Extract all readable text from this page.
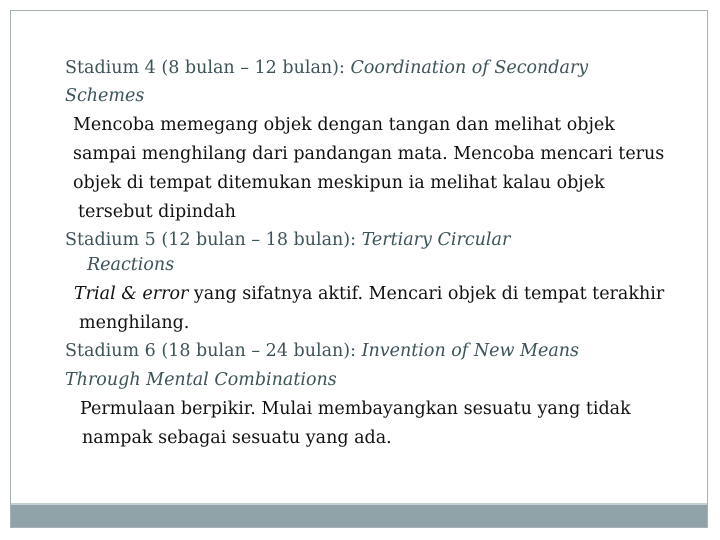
Stadium 4 (8 bulan – 12 bulan): Coordination of Secondary
Schemes
Mencoba memegang objek dengan tangan dan melihat objek
sampai menghilang dari pandangan mata. Mencoba mencari terus
objek di tempat ditemukan meskipun ia melihat kalau objek
tersebut dipindah
Stadium 5 (12 bulan – 18 bulan): Tertiary Circular
Reactions
Trial & error yang sifatnya aktif. Mencari objek di tempat terakhir
menghilang.
Stadium 6 (18 bulan – 24 bulan): Invention of New Means
Through Mental Combinations
Permulaan berpikir. Mulai membayangkan sesuatu yang tidak
nampak sebagai sesuatu yang ada.
